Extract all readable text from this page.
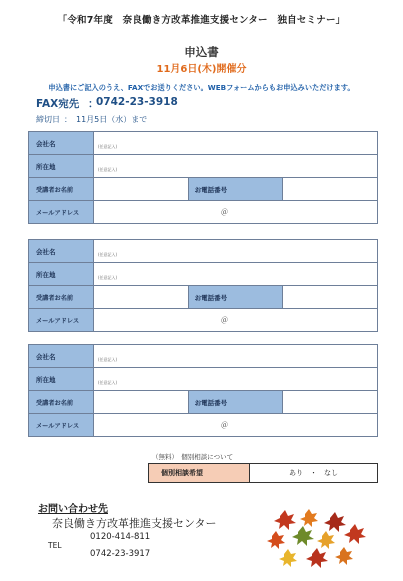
「令和7年度　奈良働き方改革推進支援センター　独自セミナー」
申込書
11月6日(木)開催分
申込書にご記入のうえ、FAXでお送りください。WEBフォームからもお申込みいただけます。
FAX宛先 ：
0742-23-3918
締切日 ： 11月5日（水）まで
会社名	(任意記入)		

所在地	(任意記入)		

受講者お名前		お電話番号	
メールアドレス	＠		
会社名	(任意記入)		

所在地	(任意記入)		

受講者お名前		お電話番号	
メールアドレス	＠		
会社名	(任意記入)		

所在地	(任意記入)		

受講者お名前		お電話番号	
メールアドレス	＠		
（無料）　個別相談について
個別相談希望	あり　・　なし
お問い合わせ先
奈良働き方改革推進支援センター
TEL
0120-414-811
0742-23-3917
